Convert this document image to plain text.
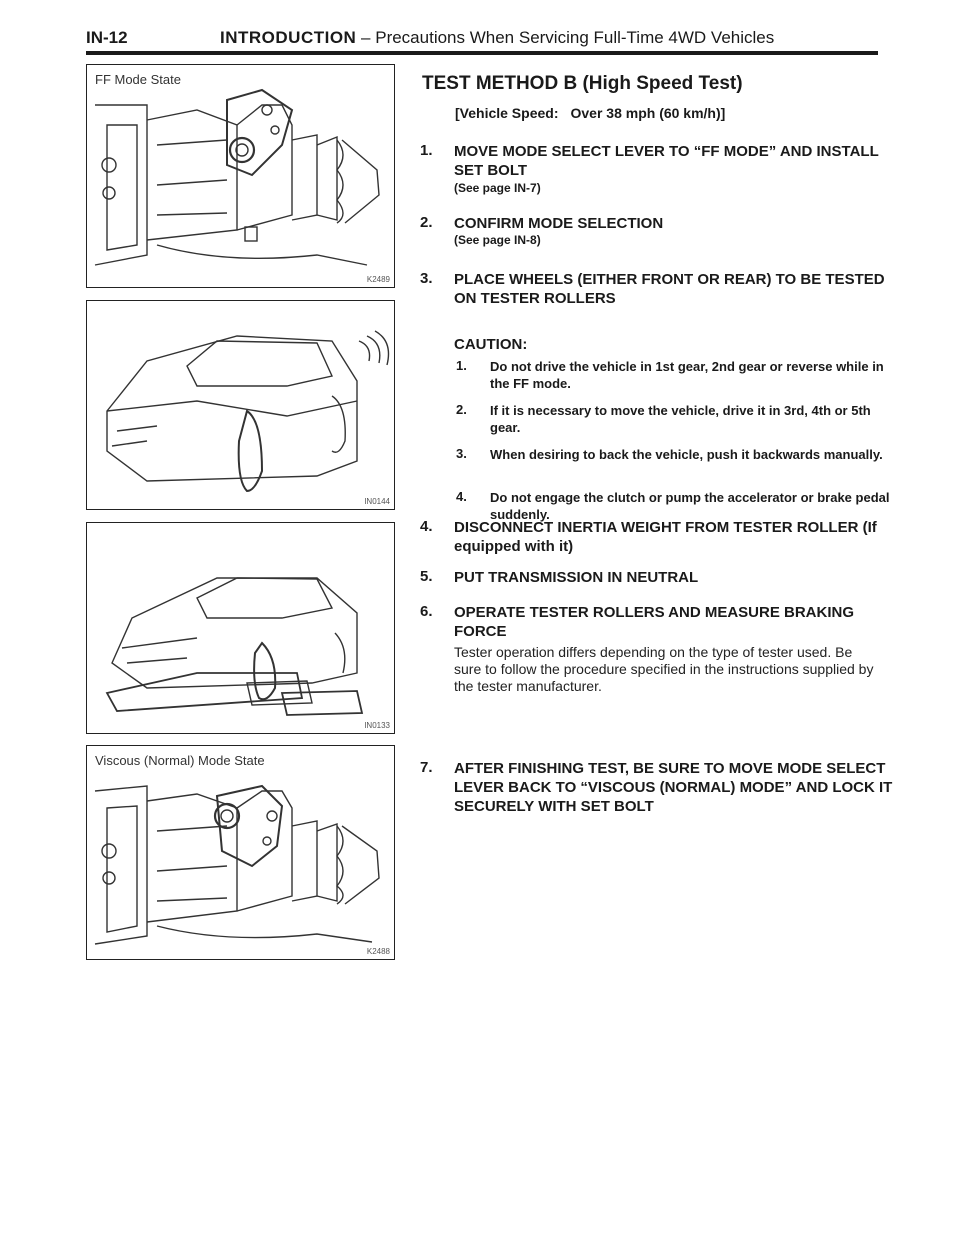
IN-12	INTRODUCTION – Precautions When Servicing Full-Time 4WD Vehicles
FF Mode State
K2489
IN0144
IN0133
Viscous (Normal) Mode State
K2488
TEST METHOD B (High Speed Test)
[Vehicle Speed: Over 38 mph (60 km/h)]
1. MOVE MODE SELECT LEVER TO “FF MODE” AND INSTALL SET BOLT
(See page IN-7)
2. CONFIRM MODE SELECTION
(See page IN-8)
3. PLACE WHEELS (EITHER FRONT OR REAR) TO BE TESTED ON TESTER ROLLERS
CAUTION:
1. Do not drive the vehicle in 1st gear, 2nd gear or reverse while in the FF mode.
2. If it is necessary to move the vehicle, drive it in 3rd, 4th or 5th gear.
3. When desiring to back the vehicle, push it backwards manually.
4. Do not engage the clutch or pump the accelerator or brake pedal suddenly.
4. DISCONNECT INERTIA WEIGHT FROM TESTER ROLLER (If equipped with it)
5. PUT TRANSMISSION IN NEUTRAL
6. OPERATE TESTER ROLLERS AND MEASURE BRAKING FORCE
Tester operation differs depending on the type of tester used. Be sure to follow the procedure specified in the instructions supplied by the tester manufacturer.
7. AFTER FINISHING TEST, BE SURE TO MOVE MODE SELECT LEVER BACK TO “VISCOUS (NORMAL) MODE” AND LOCK IT SECURELY WITH SET BOLT
